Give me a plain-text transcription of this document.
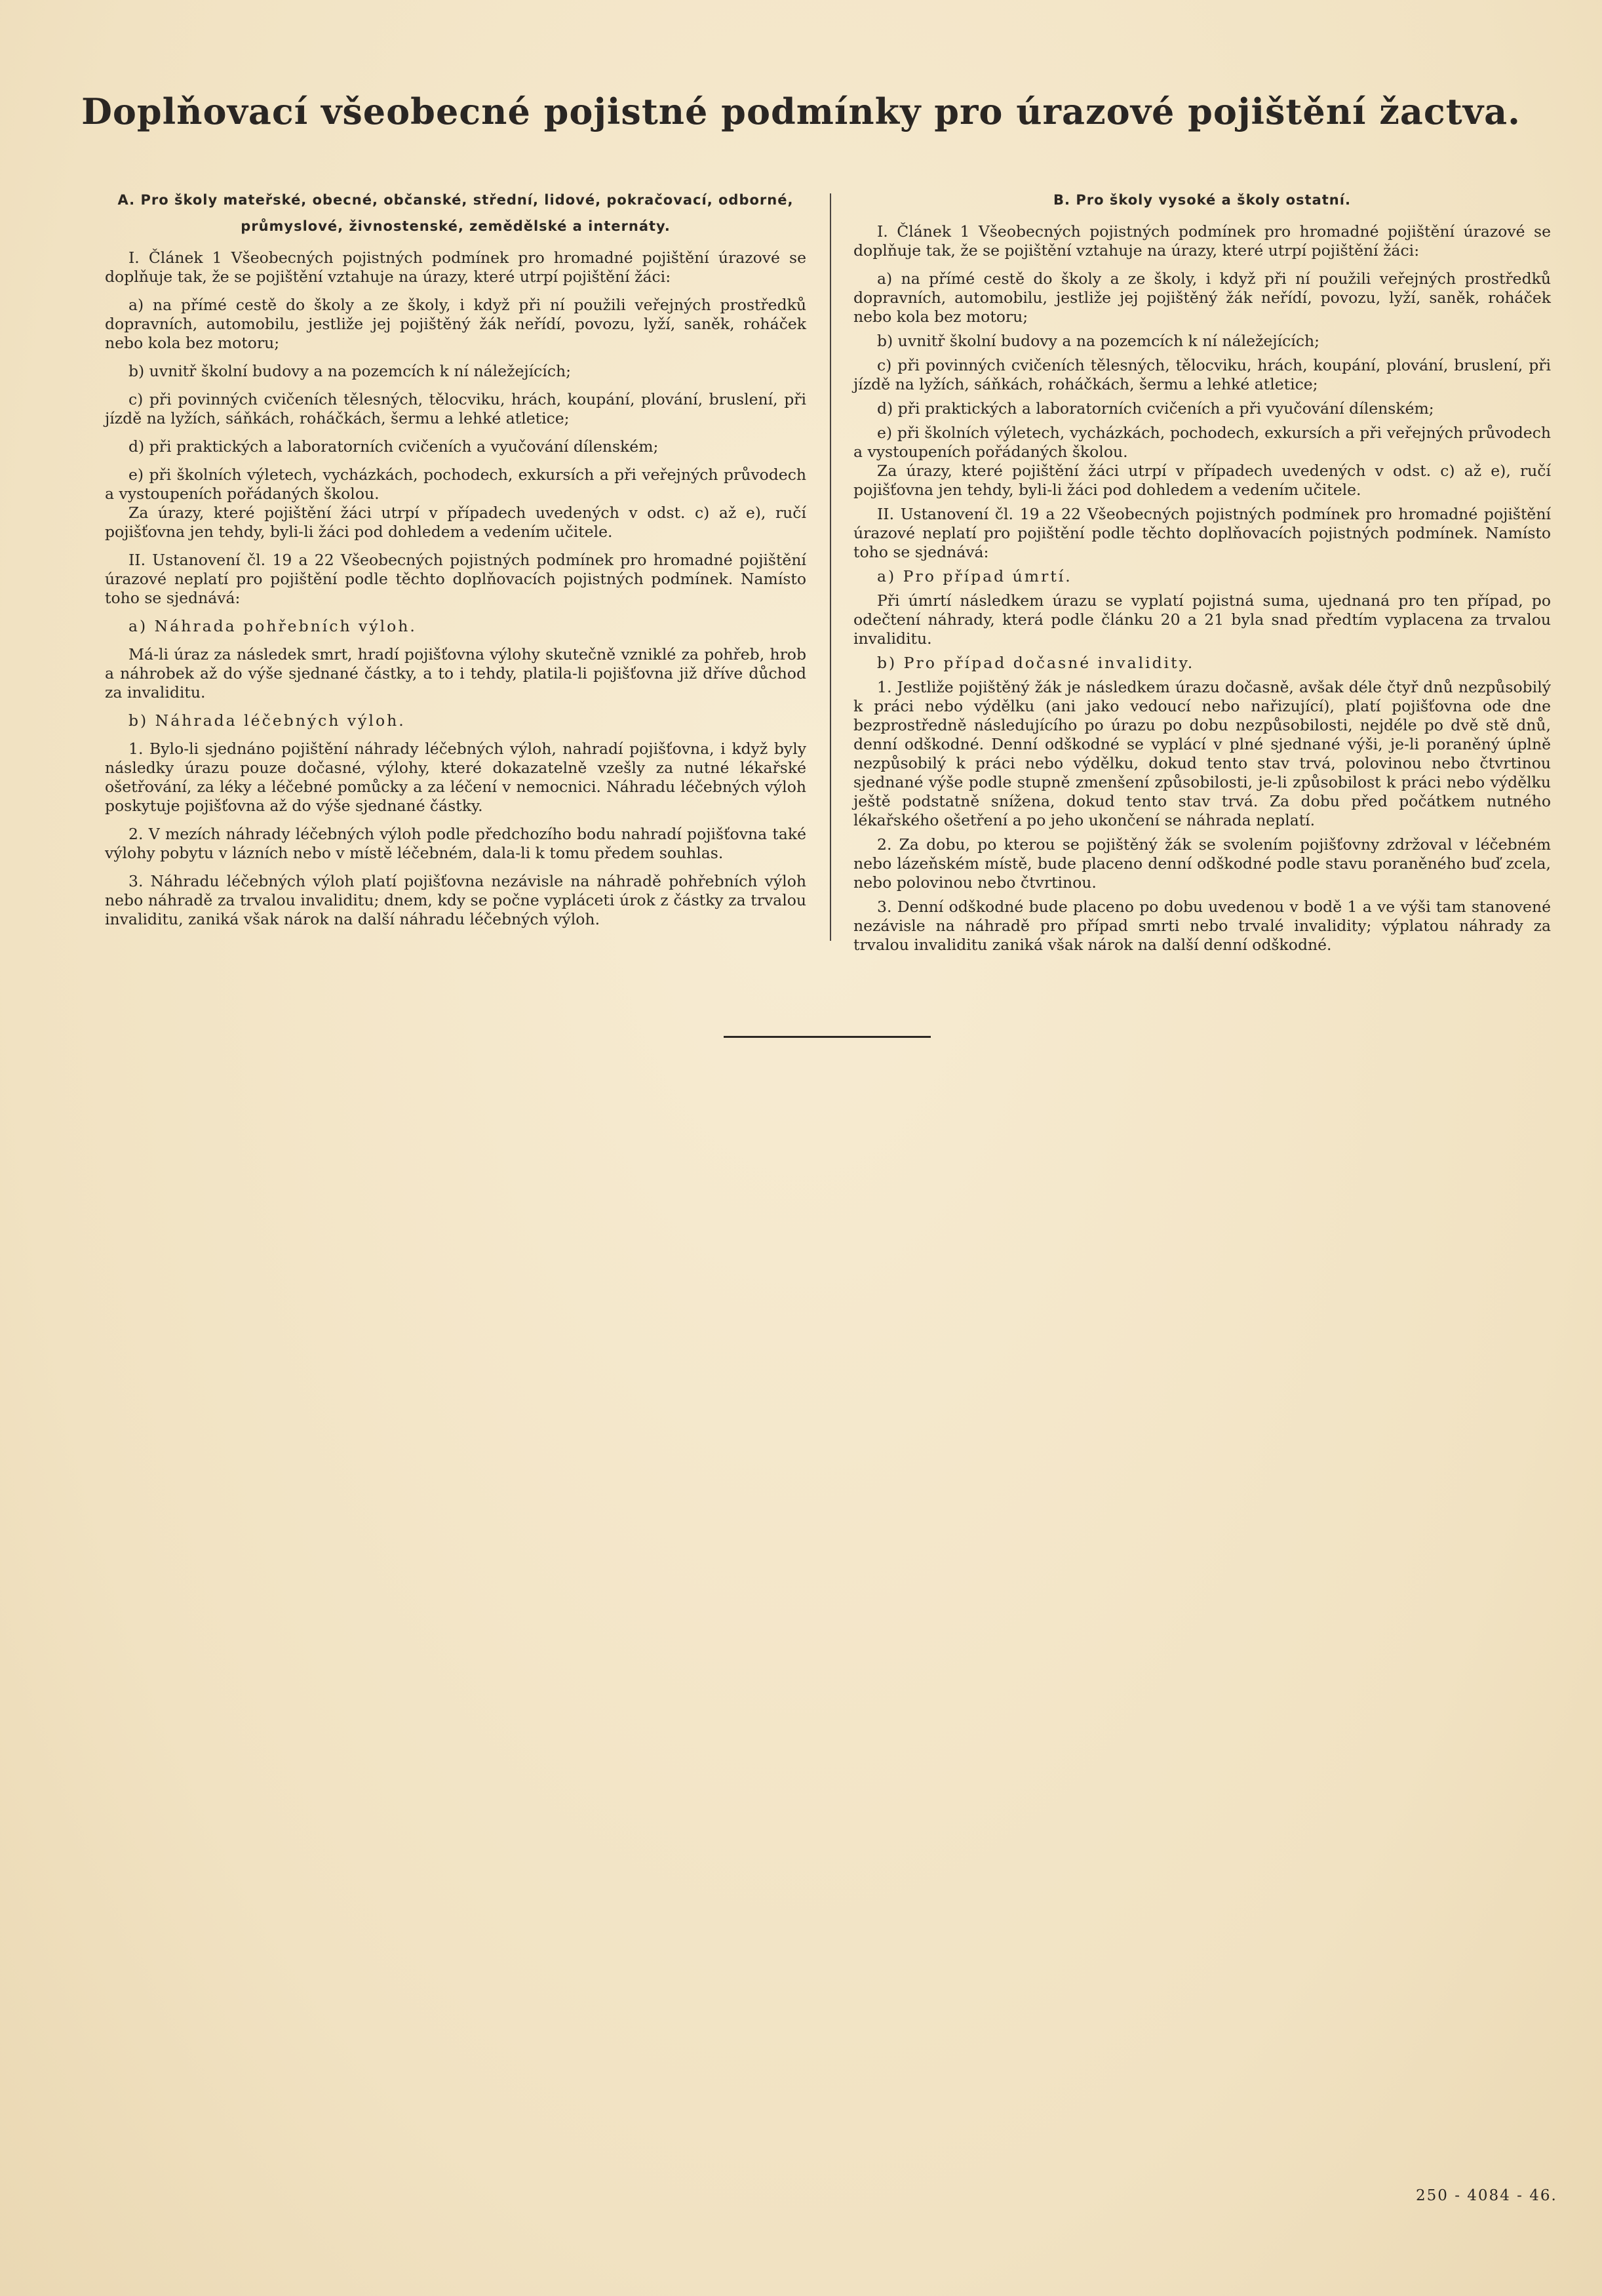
Doplňovací všeobecné pojistné podmínky pro úrazové pojištění žactva.
A. Pro školy mateřské, obecné, občanské, střední, lidové, pokračovací, odborné, průmyslové, živnostenské, zemědělské a internáty.

I. Článek 1 Všeobecných pojistných podmínek pro hromadné pojištění úrazové se doplňuje tak, že se pojištění vztahuje na úrazy, které utrpí pojištění žáci:

a) na přímé cestě do školy a ze školy, i když při ní použili veřejných prostředků dopravních, automobilu, jestliže jej pojištěný žák neřídí, povozu, lyží, saněk, roháček nebo kola bez motoru;

b) uvnitř školní budovy a na pozemcích k ní náležejících;

c) při povinných cvičeních tělesných, tělocviku, hrách, koupání, plování, bruslení, při jízdě na lyžích, sáňkách, roháčkách, šermu a lehké atletice;

d) při praktických a laboratorních cvičeních a vyučování dílenském;

e) při školních výletech, vycházkách, pochodech, exkursích a při veřejných průvodech a vystoupeních pořádaných školou.

Za úrazy, které pojištění žáci utrpí v případech uvedených v odst. c) až e), ručí pojišťovna jen tehdy, byli-li žáci pod dohledem a vedením učitele.

II. Ustanovení čl. 19 a 22 Všeobecných pojistných podmínek pro hromadné pojištění úrazové neplatí pro pojištění podle těchto doplňovacích pojistných podmínek. Namísto toho se sjednává:

a) Náhrada pohřebních výloh.

Má-li úraz za následek smrt, hradí pojišťovna výlohy skutečně vzniklé za pohřeb, hrob a náhrobek až do výše sjednané částky, a to i tehdy, platila-li pojišťovna již dříve důchod za invaliditu.

b) Náhrada léčebných výloh.

1. Bylo-li sjednáno pojištění náhrady léčebných výloh, nahradí pojišťovna, i když byly následky úrazu pouze dočasné, výlohy, které dokazatelně vzešly za nutné lékařské ošetřování, za léky a léčebné pomůcky a za léčení v nemocnici. Náhradu léčebných výloh poskytuje pojišťovna až do výše sjednané částky.

2. V mezích náhrady léčebných výloh podle předchozího bodu nahradí pojišťovna také výlohy pobytu v lázních nebo v místě léčebném, dala-li k tomu předem souhlas.

3. Náhradu léčebných výloh platí pojišťovna nezávisle na náhradě pohřebních výloh nebo náhradě za trvalou invaliditu; dnem, kdy se počne vypláceti úrok z částky za trvalou invaliditu, zaniká však nárok na další náhradu léčebných výloh.

B. Pro školy vysoké a školy ostatní.

I. Článek 1 Všeobecných pojistných podmínek pro hromadné pojištění úrazové se doplňuje tak, že se pojištění vztahuje na úrazy, které utrpí pojištění žáci:

a) na přímé cestě do školy a ze školy, i když při ní použili veřejných prostředků dopravních, automobilu, jestliže jej pojištěný žák neřídí, povozu, lyží, saněk, roháček nebo kola bez motoru;

b) uvnitř školní budovy a na pozemcích k ní náležejících;

c) při povinných cvičeních tělesných, tělocviku, hrách, koupání, plování, bruslení, při jízdě na lyžích, sáňkách, roháčkách, šermu a lehké atletice;

d) při praktických a laboratorních cvičeních a při vyučování dílenském;

e) při školních výletech, vycházkách, pochodech, exkursích a při veřejných průvodech a vystoupeních pořádaných školou.

Za úrazy, které pojištění žáci utrpí v případech uvedených v odst. c) až e), ručí pojišťovna jen tehdy, byli-li žáci pod dohledem a vedením učitele.

II. Ustanovení čl. 19 a 22 Všeobecných pojistných podmínek pro hromadné pojištění úrazové neplatí pro pojištění podle těchto doplňovacích pojistných podmínek. Namísto toho se sjednává:

a) Pro případ úmrtí.

Při úmrtí následkem úrazu se vyplatí pojistná suma, ujednaná pro ten případ, po odečtení náhrady, která podle článku 20 a 21 byla snad předtím vyplacena za trvalou invaliditu.

b) Pro případ dočasné invalidity.

1. Jestliže pojištěný žák je následkem úrazu dočasně, avšak déle čtyř dnů nezpůsobilý k práci nebo výdělku (ani jako vedoucí nebo nařizující), platí pojišťovna ode dne bezprostředně následujícího po úrazu po dobu nezpůsobilosti, nejdéle po dvě stě dnů, denní odškodné. Denní odškodné se vyplácí v plné sjednané výši, je-li poraněný úplně nezpůsobilý k práci nebo výdělku, dokud tento stav trvá, polovinou nebo čtvrtinou sjednané výše podle stupně zmenšení způsobilosti, je-li způsobilost k práci nebo výdělku ještě podstatně snížena, dokud tento stav trvá. Za dobu před počátkem nutného lékařského ošetření a po jeho ukončení se náhrada neplatí.

2. Za dobu, po kterou se pojištěný žák se svolením pojišťovny zdržoval v léčebném nebo lázeňském místě, bude placeno denní odškodné podle stavu poraněného buď zcela, nebo polovinou nebo čtvrtinou.

3. Denní odškodné bude placeno po dobu uvedenou v bodě 1 a ve výši tam stanovené nezávisle na náhradě pro případ smrti nebo trvalé invalidity; výplatou náhrady za trvalou invaliditu zaniká však nárok na další denní odškodné.

250 - 4084 - 46.
